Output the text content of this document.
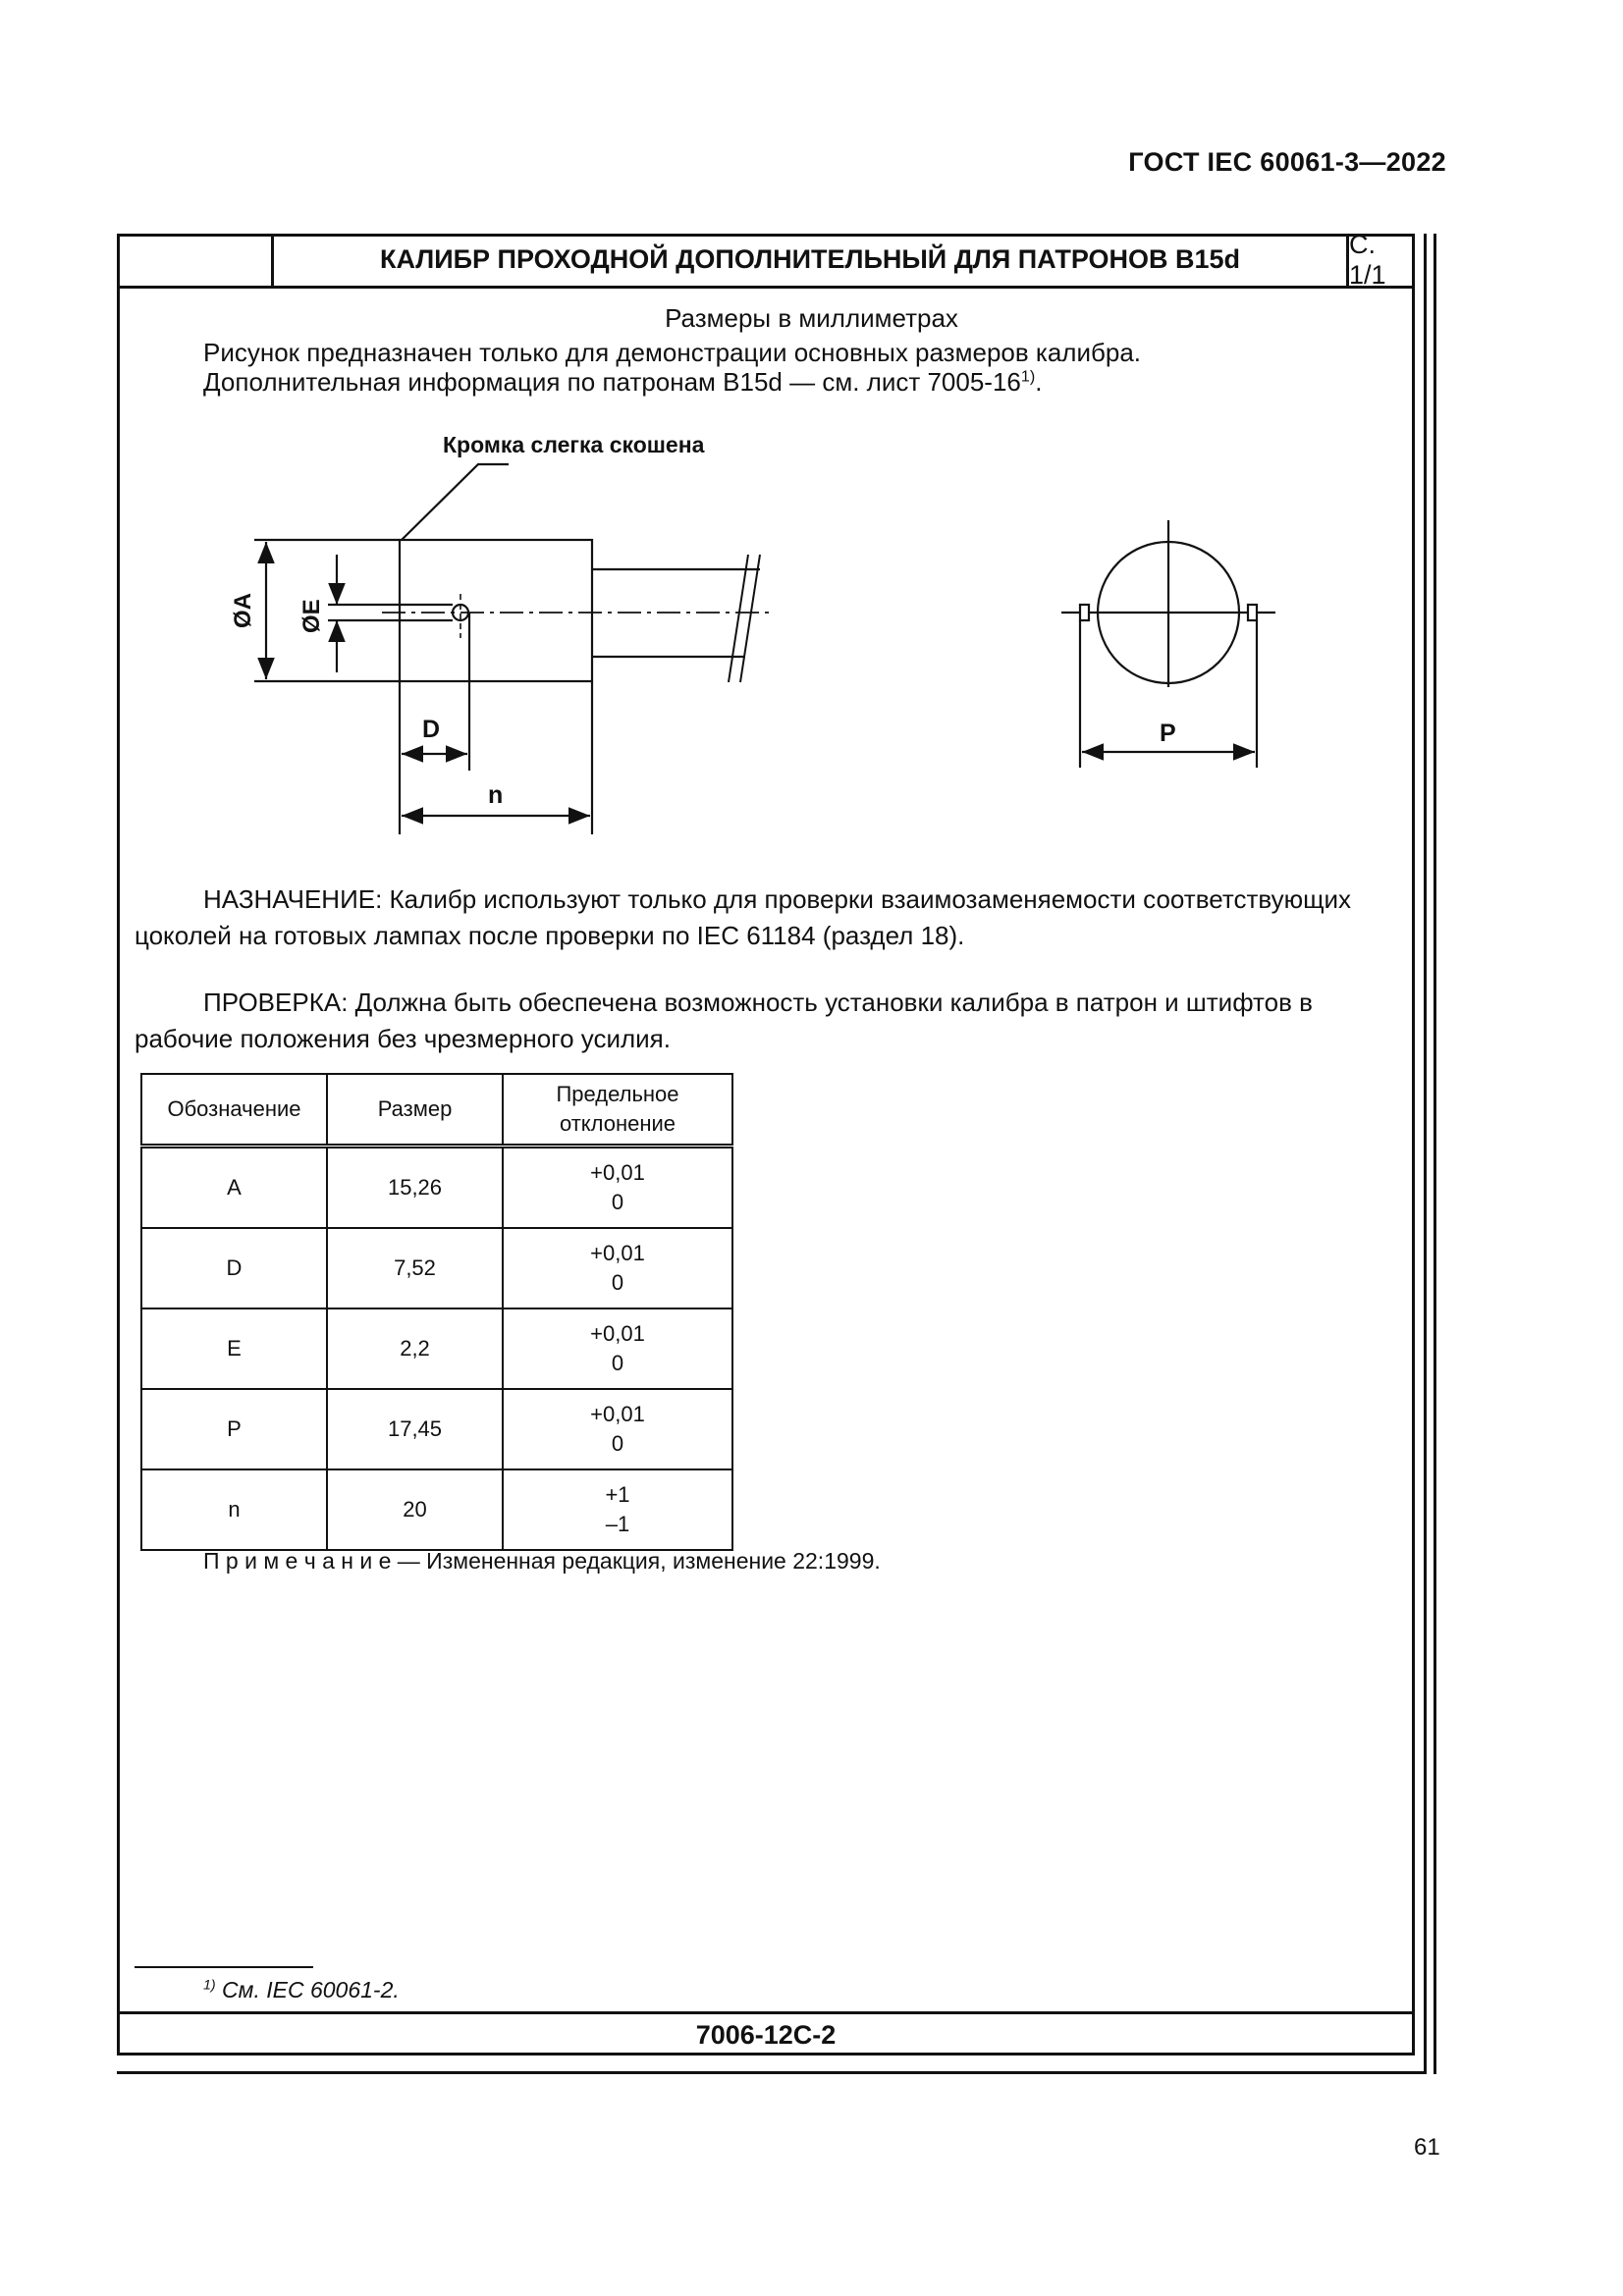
ГОСТ IEC 60061-3—2022
КАЛИБР ПРОХОДНОЙ ДОПОЛНИТЕЛЬНЫЙ ДЛЯ ПАТРОНОВ B15d
С. 1/1
Размеры в миллиметрах
Рисунок предназначен только для демонстрации основных размеров калибра.
Дополнительная информация по патронам B15d — см. лист 7005-16$^{1)}$.
Кромка слегка скошена
ØA ØE
D
n
P
НАЗНАЧЕНИЕ: Калибр используют только для проверки взаимозаменяемости соответствующих цоколей на готовых лампах после проверки по IEC 61184 (раздел 18).
ПРОВЕРКА: Должна быть обеспечена возможность установки калибра в патрон и штифтов в рабочие положения без чрезмерного усилия.
Обозначение	Размер	Предельное
отклонение

A	15,26	+0,01
0

D	7,52	+0,01
0

E	2,2	+0,01
0

P	17,45	+0,01
0

n	20	+1
–1
П р и м е ч а н и е — Измененная редакция, изменение 22:1999.
$^{1)}$ См. IEC 60061-2.
7006-12C-2
61
